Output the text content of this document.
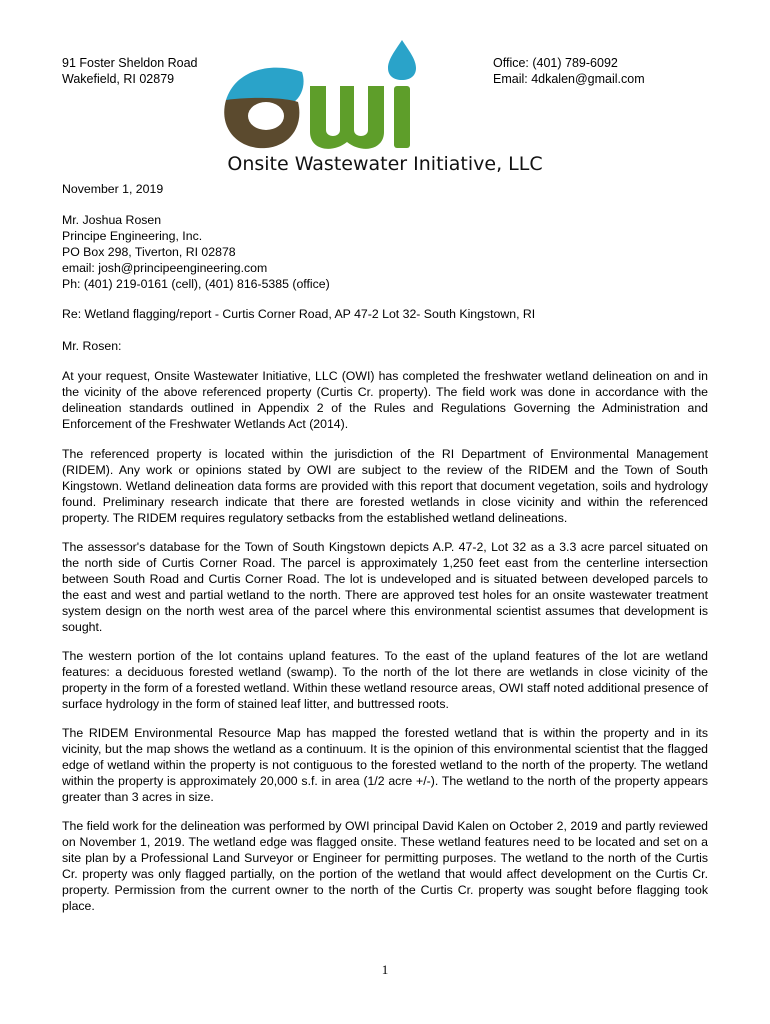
91 Foster Sheldon Road
Wakefield, RI 02879
Office: (401) 789-6092
Email: 4dkalen@gmail.com
Onsite Wastewater Initiative, LLC
November 1, 2019
Mr. Joshua Rosen
Principe Engineering, Inc.
PO Box 298, Tiverton, RI 02878
email: josh@principeengineering.com
Ph: (401) 219-0161 (cell), (401) 816-5385 (office)
Re: Wetland flagging/report - Curtis Corner Road, AP 47-2 Lot 32- South Kingstown, RI
Mr. Rosen:

At your request, Onsite Wastewater Initiative, LLC (OWI) has completed the freshwater wetland delineation on and in the vicinity of the above referenced property (Curtis Cr. property). The field work was done in accordance with the delineation standards outlined in Appendix 2 of the Rules and Regulations Governing the Administration and Enforcement of the Freshwater Wetlands Act (2014).

The referenced property is located within the jurisdiction of the RI Department of Environmental Management (RIDEM). Any work or opinions stated by OWI are subject to the review of the RIDEM and the Town of South Kingstown. Wetland delineation data forms are provided with this report that document vegetation, soils and hydrology found. Preliminary research indicate that there are forested wetlands in close vicinity and within the referenced property. The RIDEM requires regulatory setbacks from the established wetland delineations.

The assessor's database for the Town of South Kingstown depicts A.P. 47-2, Lot 32 as a 3.3 acre parcel situated on the north side of Curtis Corner Road. The parcel is approximately 1,250 feet east from the centerline intersection between South Road and Curtis Corner Road. The lot is undeveloped and is situated between developed parcels to the east and west and partial wetland to the north. There are approved test holes for an onsite wastewater treatment system design on the north west area of the parcel where this environmental scientist assumes that development is sought.

The western portion of the lot contains upland features. To the east of the upland features of the lot are wetland features: a deciduous forested wetland (swamp). To the north of the lot there are wetlands in close vicinity of the property in the form of a forested wetland. Within these wetland resource areas, OWI staff noted additional presence of surface hydrology in the form of stained leaf litter, and buttressed roots.

The RIDEM Environmental Resource Map has mapped the forested wetland that is within the property and in its vicinity, but the map shows the wetland as a continuum. It is the opinion of this environmental scientist that the flagged edge of wetland within the property is not contiguous to the forested wetland to the north of the property. The wetland within the property is approximately 20,000 s.f. in area (1/2 acre +/-). The wetland to the north of the property appears greater than 3 acres in size.

The field work for the delineation was performed by OWI principal David Kalen on October 2, 2019 and partly reviewed on November 1, 2019. The wetland edge was flagged onsite. These wetland features need to be located and set on a site plan by a Professional Land Surveyor or Engineer for permitting purposes. The wetland to the north of the Curtis Cr. property was only flagged partially, on the portion of the wetland that would affect development on the Curtis Cr. property. Permission from the current owner to the north of the Curtis Cr. property was sought before flagging took place.

1
